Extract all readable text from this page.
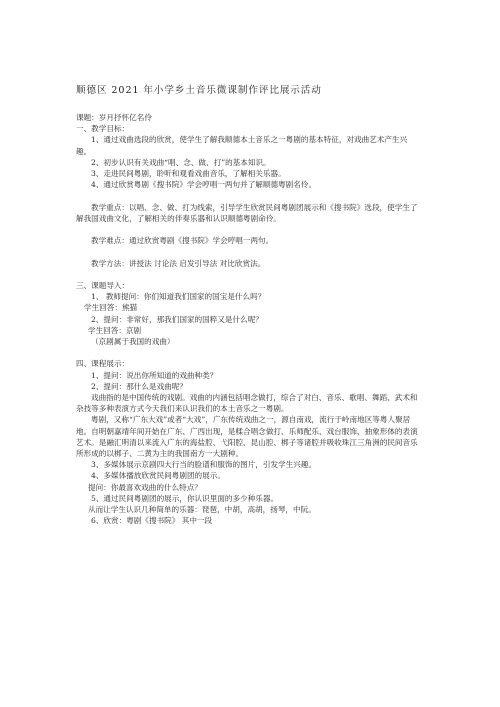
顺德区 2021 年小学乡土音乐微课制作评比展示活动

课题：岁月抒怀亿名伶

一、教学目标：

1、通过戏曲选段的欣赏，使学生了解我顺德本土音乐之一粤剧的基本特征，对戏曲艺术产生兴趣。

2、初步认识有关戏曲“唱、念、做、打”的基本知识。

3、走进民间粤剧，聆听和观看戏曲音乐，了解相关乐器。

4、通过欣赏粤剧《搜书院》学会哼唱一两句并了解顺德粤剧名伶。

教学重点：以唱、念、做、打为线索，引导学生欣赏民间粤剧团展示和《搜书院》选段，使学生了解我国戏曲文化，了解相关的伴奏乐器和认识顺德粤剧命伶。

教学难点：通过欣赏粤剧《搜书院》学会哼唱一两句。

教学方法：讲授法 讨论法 启发引导法 对比欣赏法。

三、课题导入：

1、 教师提问：你们知道我们国家的国宝是什么吗？

学生回答：熊猫

2、提问：非常好，那我们国家的国粹又是什么呢？

学生回答：京剧

（京剧属于我国的戏曲）

四、课程展示：

1、提问：说出你所知道的戏曲种类？

2、提问：那什么是戏曲呢？

戏曲指的是中国传统的戏剧。戏曲的内涵包括唱念做打，综合了对白、音乐、歌唱、舞蹈、武术和杂技等多种表演方式今天我们来认识我们的本土音乐之一粤剧。

粤剧，又称“广东大戏”或者“大戏”，广东传统戏曲之一，源自南戏，流行于岭南地区等粤人聚居地。自明朝嘉靖年间开始在广东、广西出现，是糅合唱念做打、乐师配乐、戏台服饰、抽象形体的表演艺术。是融汇明清以来流入广东的海盐腔、弋阳腔、昆山腔、梆子等诸腔并吸收珠江三角洲的民间音乐所形成的以梆子、二黄为主的我国南方一大剧种。

3、多媒体展示京剧四大行当的脸谱和服饰的图片，引发学生兴趣。

4、多媒体播放欣赏民间粤剧团的展示。

提问：你最喜欢戏曲的什么特点？

5、通过民间粤剧团的展示，你认识里面的多少种乐器。

从而让学生认识几种简单的乐器：琵琶，中胡，高胡，扬琴，中阮。

6、欣赏：粤剧《搜书院》 其中一段
